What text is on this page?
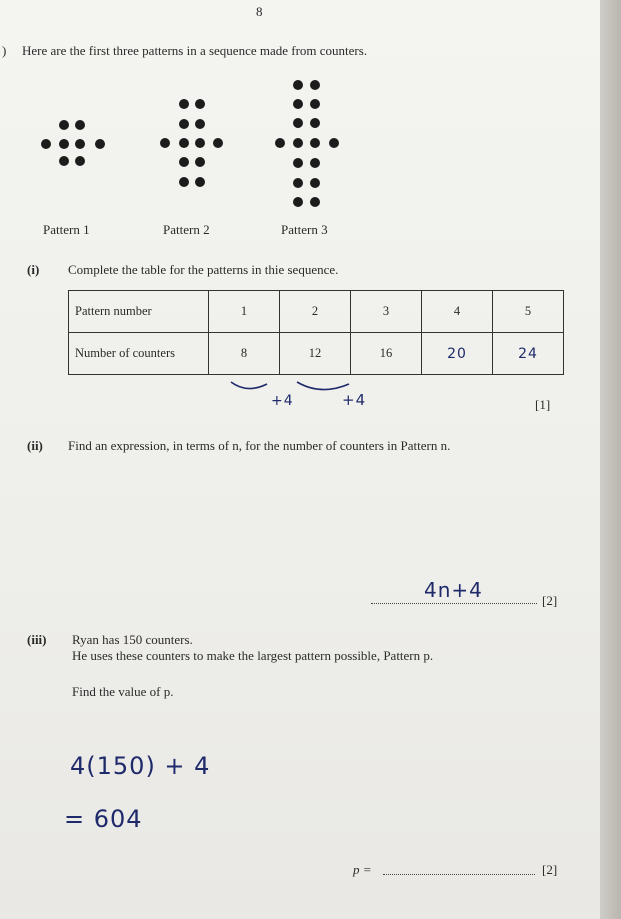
8
) Here are the first three patterns in a sequence made from counters.
Pattern 1	Pattern 2	Pattern 3
(i) Complete the table for the patterns in thie sequence.
Pattern number	1	2	3	4	5
Number of counters	8	12	16	20	24
+4	+4	[1]
(ii) Find an expression, in terms of n, for the number of counters in Pattern n.
4n+4	[2]
(iii) Ryan has 150 counters.
He uses these counters to make the largest pattern possible, Pattern p.
Find the value of p.
4(150) + 4
= 604
p =	[2]
